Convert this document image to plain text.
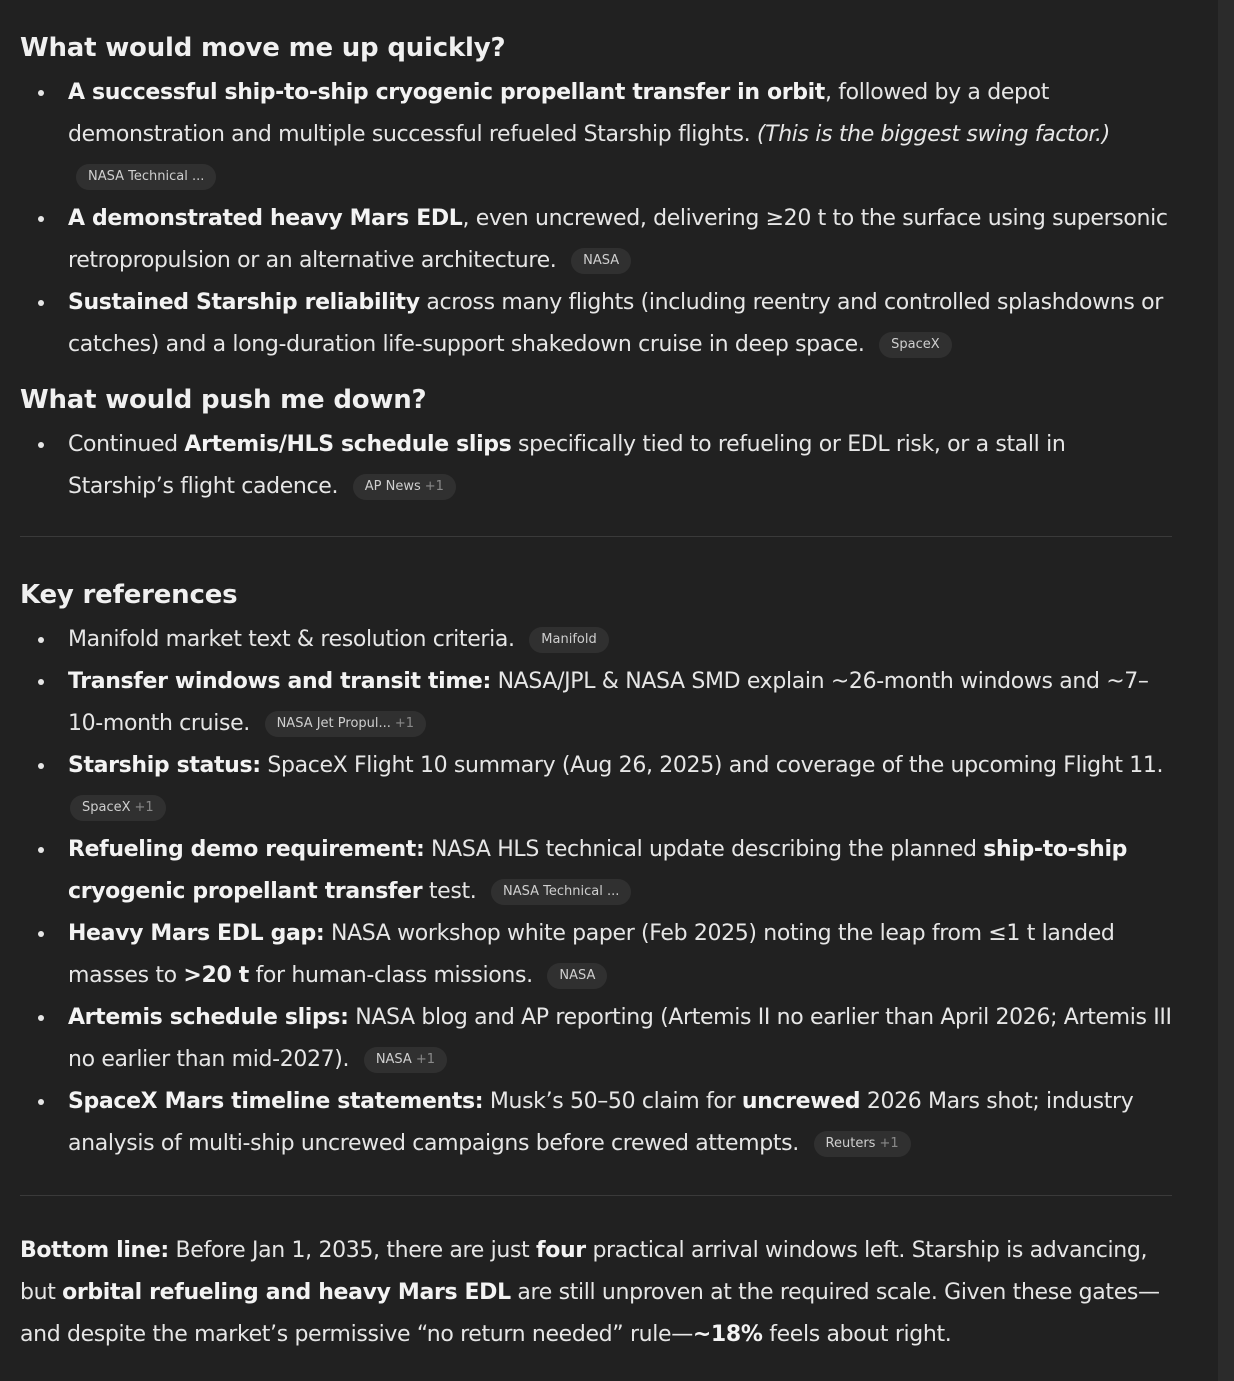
What would move me up quickly?
A successful ship-to-ship cryogenic propellant transfer in orbit, followed by a depot demonstration and multiple successful refueled Starship flights. (This is the biggest swing factor.) NASA Technical ...
A demonstrated heavy Mars EDL, even uncrewed, delivering ≥20 t to the surface using supersonic retropropulsion or an alternative architecture. NASA
Sustained Starship reliability across many flights (including reentry and controlled splashdowns or catches) and a long-duration life-support shakedown cruise in deep space. SpaceX
What would push me down?
Continued Artemis/HLS schedule slips specifically tied to refueling or EDL risk, or a stall in Starship’s flight cadence. AP News +1
Key references
Manifold market text & resolution criteria. Manifold
Transfer windows and transit time: NASA/JPL & NASA SMD explain ~26-month windows and ~7–10-month cruise. NASA Jet Propul... +1
Starship status: SpaceX Flight 10 summary (Aug 26, 2025) and coverage of the upcoming Flight 11.
SpaceX +1
Refueling demo requirement: NASA HLS technical update describing the planned ship-to-ship cryogenic propellant transfer test. NASA Technical ...
Heavy Mars EDL gap: NASA workshop white paper (Feb 2025) noting the leap from ≤1 t landed masses to >20 t for human-class missions. NASA
Artemis schedule slips: NASA blog and AP reporting (Artemis II no earlier than April 2026; Artemis III no earlier than mid-2027). NASA +1
SpaceX Mars timeline statements: Musk’s 50–50 claim for uncrewed 2026 Mars shot; industry analysis of multi-ship uncrewed campaigns before crewed attempts. Reuters +1

Bottom line: Before Jan 1, 2035, there are just four practical arrival windows left. Starship is advancing, but orbital refueling and heavy Mars EDL are still unproven at the required scale. Given these gates—and despite the market’s permissive “no return needed” rule—~18% feels about right.
